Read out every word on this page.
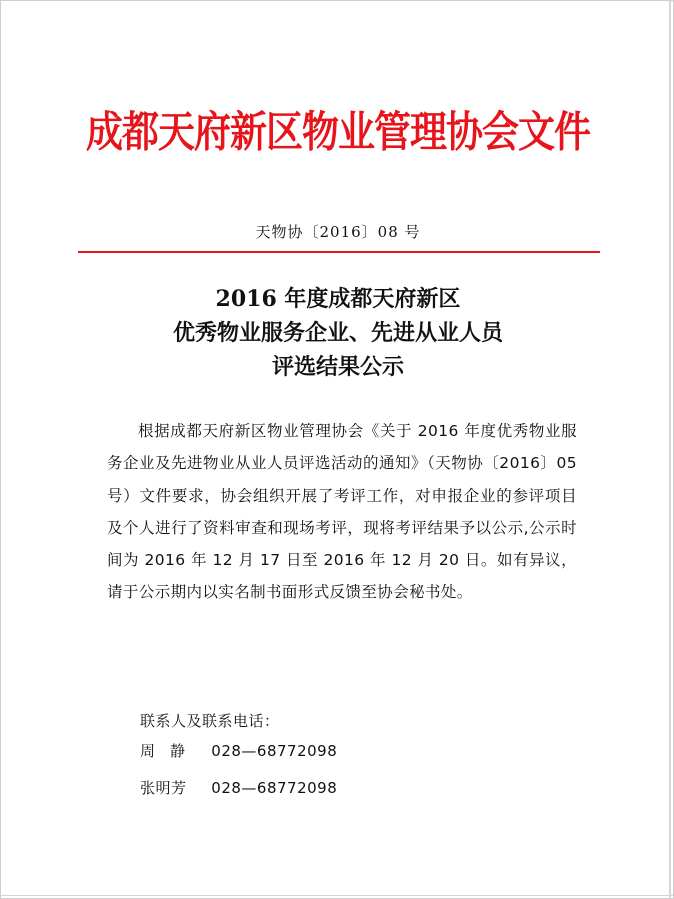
成都天府新区物业管理协会文件
天物协〔2016〕08 号
2016 年度成都天府新区
优秀物业服务企业、先进从业人员
评选结果公示
根据成都天府新区物业管理协会《关于 2016 年度优秀物业服务企业及先进物业从业人员评选活动的通知》（天物协〔2016〕05 号）文件要求，协会组织开展了考评工作，对申报企业的参评项目及个人进行了资料审查和现场考评，现将考评结果予以公示,公示时间为 2016 年 12 月 17 日至 2016 年 12 月 20 日。如有异议，请于公示期内以实名制书面形式反馈至协会秘书处。
联系人及联系电话：
周静 028—68772098
张明芳 028—68772098
